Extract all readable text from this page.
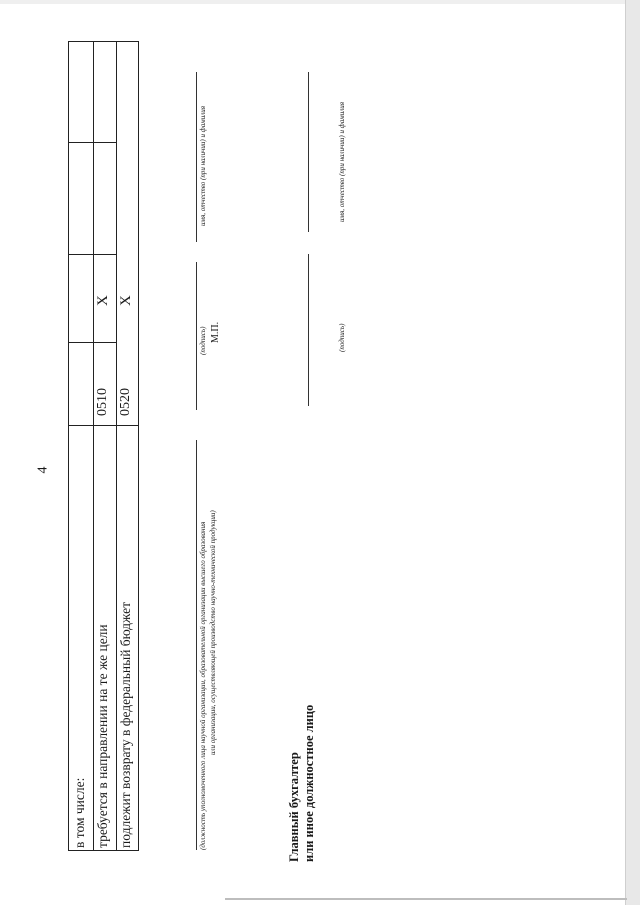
4
в том числе: требуется в направлении на те же цели
0510
X
подлежит возврату в федеральный бюджет
0520
X
(должность уполномоченного лица научной организации, образовательной организации высшего образования или организации, осуществляющей производство научно-технической продукции)
(подпись) М.П.
имя, отчество (при наличии) и фамилия
Главный бухгалтер или иное должностное лицо
(подпись)
имя, отчество (при наличии) и фамилия
